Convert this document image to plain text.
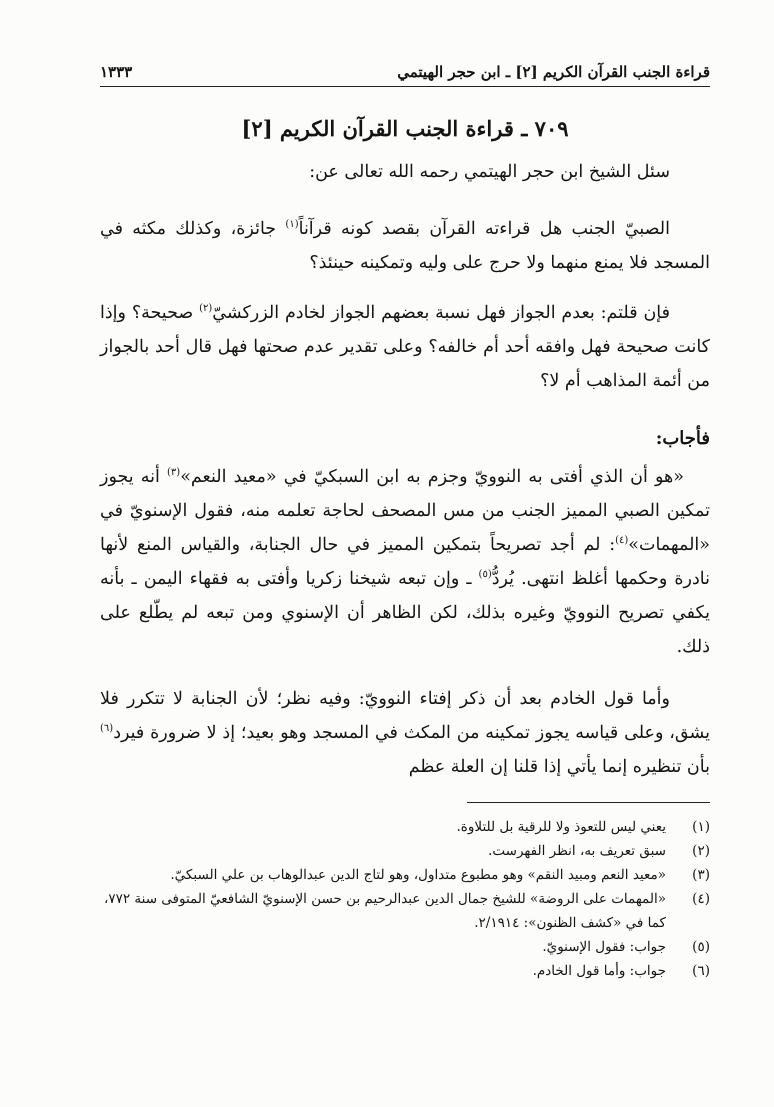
قراءة الجنب القرآن الكريم [٢] ـ ابن حجر الهيتمي
١٣٣٣
٧٠٩ ـ قراءة الجنب القرآن الكريم [٢]
سئل الشيخ ابن حجر الهيتمي رحمه الله تعالى عن:
الصبيّ الجنب هل قراءته القرآن بقصد كونه قرآناً$^{(١)}$ جائزة، وكذلك مكثه في المسجد فلا يمنع منهما ولا حرج على وليه وتمكينه حينئذ؟
فإن قلتم: بعدم الجواز فهل نسبة بعضهم الجواز لخادم الزركشيّ$^{(٢)}$ صحيحة؟ وإذا كانت صحيحة فهل وافقه أحد أم خالفه؟ وعلى تقدير عدم صحتها فهل قال أحد بالجواز من أئمة المذاهب أم لا؟
فأجاب:
«هو أن الذي أفتى به النوويّ وجزم به ابن السبكيّ في «معيد النعم»$^{(٣)}$ أنه يجوز تمكين الصبي المميز الجنب من مس المصحف لحاجة تعلمه منه، فقول الإسنويّ في «المهمات»$^{(٤)}$: لم أجد تصريحاً بتمكين المميز في حال الجنابة، والقياس المنع لأنها نادرة وحكمها أغلظ انتهى. يُردُّ$^{(٥)}$ ـ وإن تبعه شيخنا زكريا وأفتى به فقهاء اليمن ـ بأنه يكفي تصريح النوويّ وغيره بذلك، لكن الظاهر أن الإسنوي ومن تبعه لم يطّلع على ذلك.
وأما قول الخادم بعد أن ذكر إفتاء النوويّ: وفيه نظر؛ لأن الجنابة لا تتكرر فلا يشق، وعلى قياسه يجوز تمكينه من المكث في المسجد وهو بعيد؛ إذ لا ضرورة فيرد$^{(٦)}$ بأن تنظيره إنما يأتي إذا قلنا إن العلة عظم
(١)
يعني ليس للتعوذ ولا للرقية بل للتلاوة.
(٢)
سبق تعريف به، انظر الفهرست.
(٣)
«معيد النعم ومبيد النقم» وهو مطبوع متداول، وهو لتاج الدين عبدالوهاب بن علي السبكيّ.
(٤)
«المهمات على الروضة» للشيخ جمال الدين عبدالرحيم بن حسن الإسنويّ الشافعيّ المتوفى سنة ٧٧٢، كما في «كشف الظنون»: ٢/١٩١٤.
(٥)
جواب: فقول الإسنويّ.
(٦)
جواب: وأما قول الخادم.
